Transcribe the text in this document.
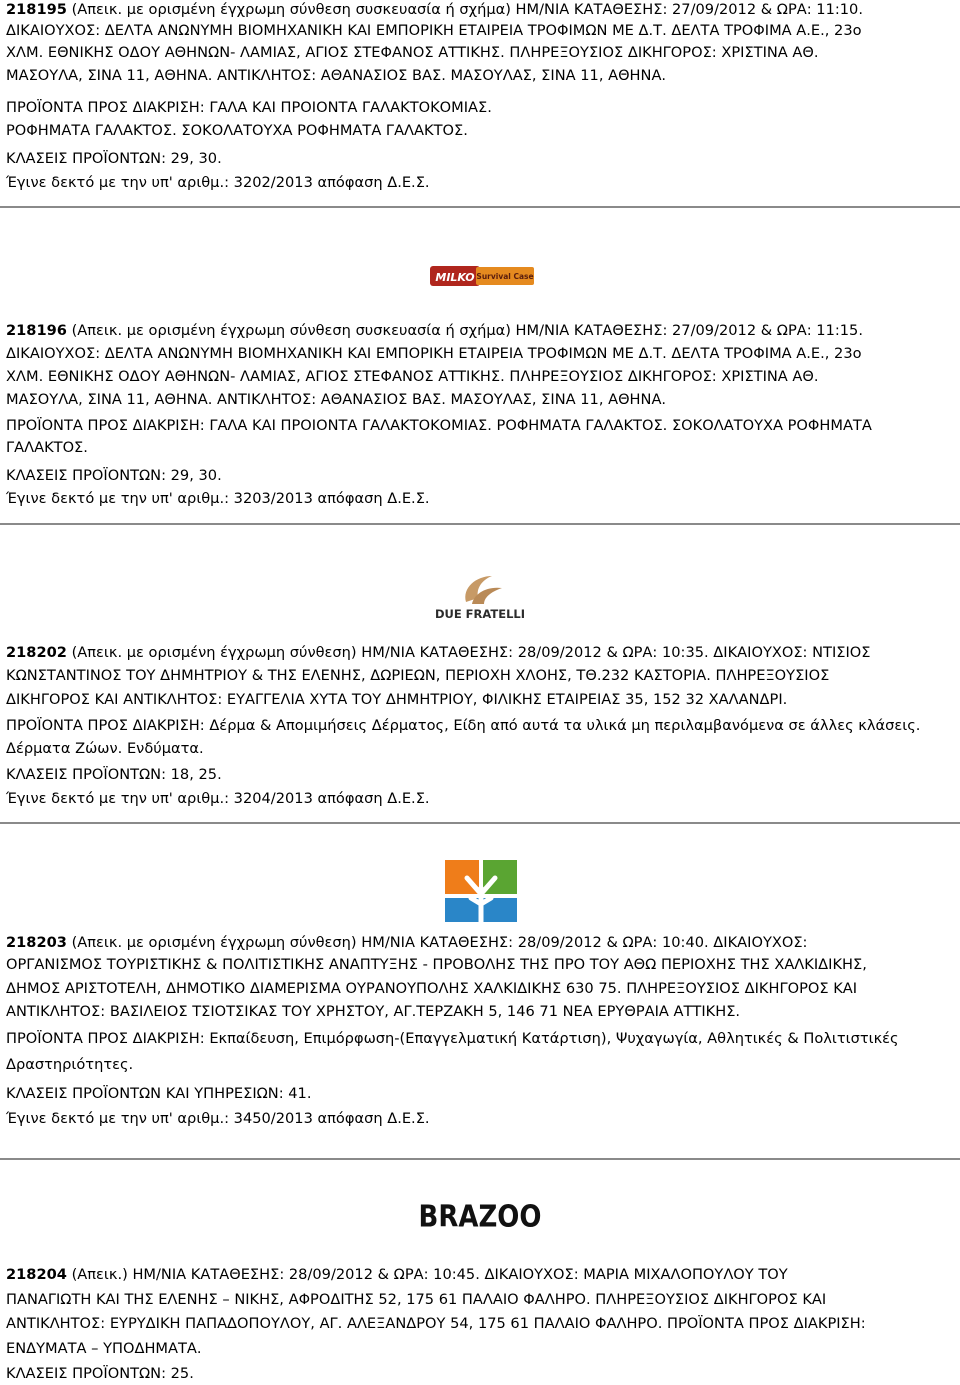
218195 (Απεικ. με ορισμένη έγχρωμη σύνθεση συσκευασία ή σχήμα) ΗΜ/ΝΙΑ ΚΑΤΑΘΕΣΗΣ: 27/09/2012 & ΩΡΑ: 11:10.
ΔΙΚΑΙΟΥΧΟΣ: ΔΕΛΤΑ ΑΝΩΝΥΜΗ ΒΙΟΜΗΧΑΝΙΚΗ ΚΑΙ ΕΜΠΟΡΙΚΗ ΕΤΑΙΡΕΙΑ ΤΡΟΦΙΜΩΝ ΜΕ Δ.Τ. ΔΕΛΤΑ ΤΡΟΦΙΜΑ Α.Ε., 23ο
ΧΛΜ. ΕΘΝΙΚΗΣ ΟΔΟΥ ΑΘΗΝΩΝ- ΛΑΜΙΑΣ, ΑΓΙΟΣ ΣΤΕΦΑΝΟΣ ΑΤΤΙΚΗΣ. ΠΛΗΡΕΞΟΥΣΙΟΣ ΔΙΚΗΓΟΡΟΣ: ΧΡΙΣΤΙΝΑ ΑΘ.
ΜΑΣΟΥΛΑ, ΣΙΝΑ 11, ΑΘΗΝΑ. ΑΝΤΙΚΛΗΤΟΣ: ΑΘΑΝΑΣΙΟΣ ΒΑΣ. ΜΑΣΟΥΛΑΣ, ΣΙΝΑ 11, ΑΘΗΝΑ.
ΠΡΟΪΟΝΤΑ ΠΡΟΣ ΔΙΑΚΡΙΣΗ: ΓΑΛΑ ΚΑΙ ΠΡΟΙΟΝΤΑ ΓΑΛΑΚΤΟΚΟΜΙΑΣ.
ΡΟΦΗΜΑΤΑ ΓΑΛΑΚΤΟΣ. ΣΟΚΟΛΑΤΟΥΧΑ ΡΟΦΗΜΑΤΑ ΓΑΛΑΚΤΟΣ.
ΚΛΑΣΕΙΣ ΠΡΟΪΟΝΤΩΝ: 29, 30.
Έγινε δεκτό με την υπ' αριθμ.: 3202/2013 απόφαση Δ.Ε.Σ.
MILKO Survival Case
218196 (Απεικ. με ορισμένη έγχρωμη σύνθεση συσκευασία ή σχήμα) ΗΜ/ΝΙΑ ΚΑΤΑΘΕΣΗΣ: 27/09/2012 & ΩΡΑ: 11:15.
ΔΙΚΑΙΟΥΧΟΣ: ΔΕΛΤΑ ΑΝΩΝΥΜΗ ΒΙΟΜΗΧΑΝΙΚΗ ΚΑΙ ΕΜΠΟΡΙΚΗ ΕΤΑΙΡΕΙΑ ΤΡΟΦΙΜΩΝ ΜΕ Δ.Τ. ΔΕΛΤΑ ΤΡΟΦΙΜΑ Α.Ε., 23ο
ΧΛΜ. ΕΘΝΙΚΗΣ ΟΔΟΥ ΑΘΗΝΩΝ- ΛΑΜΙΑΣ, ΑΓΙΟΣ ΣΤΕΦΑΝΟΣ ΑΤΤΙΚΗΣ. ΠΛΗΡΕΞΟΥΣΙΟΣ ΔΙΚΗΓΟΡΟΣ: ΧΡΙΣΤΙΝΑ ΑΘ.
ΜΑΣΟΥΛΑ, ΣΙΝΑ 11, ΑΘΗΝΑ. ΑΝΤΙΚΛΗΤΟΣ: ΑΘΑΝΑΣΙΟΣ ΒΑΣ. ΜΑΣΟΥΛΑΣ, ΣΙΝΑ 11, ΑΘΗΝΑ.
ΠΡΟΪΟΝΤΑ ΠΡΟΣ ΔΙΑΚΡΙΣΗ: ΓΑΛΑ ΚΑΙ ΠΡΟΙΟΝΤΑ ΓΑΛΑΚΤΟΚΟΜΙΑΣ. ΡΟΦΗΜΑΤΑ ΓΑΛΑΚΤΟΣ. ΣΟΚΟΛΑΤΟΥΧΑ ΡΟΦΗΜΑΤΑ
ΓΑΛΑΚΤΟΣ.
ΚΛΑΣΕΙΣ ΠΡΟΪΟΝΤΩΝ: 29, 30.
Έγινε δεκτό με την υπ' αριθμ.: 3203/2013 απόφαση Δ.Ε.Σ.
DUE FRATELLI
218202 (Απεικ. με ορισμένη έγχρωμη σύνθεση) ΗΜ/ΝΙΑ ΚΑΤΑΘΕΣΗΣ: 28/09/2012 & ΩΡΑ: 10:35. ΔΙΚΑΙΟΥΧΟΣ: ΝΤΙΣΙΟΣ
ΚΩΝΣΤΑΝΤΙΝΟΣ ΤΟΥ ΔΗΜΗΤΡΙΟΥ & ΤΗΣ ΕΛΕΝΗΣ, ΔΩΡΙΕΩΝ, ΠΕΡΙΟΧΗ ΧΛΟΗΣ, ΤΘ.232 ΚΑΣΤΟΡΙΑ. ΠΛΗΡΕΞΟΥΣΙΟΣ
ΔΙΚΗΓΟΡΟΣ ΚΑΙ ΑΝΤΙΚΛΗΤΟΣ: ΕΥΑΓΓΕΛΙΑ ΧΥΤΑ ΤΟΥ ΔΗΜΗΤΡΙΟΥ, ΦΙΛΙΚΗΣ ΕΤΑΙΡΕΙΑΣ 35, 152 32 ΧΑΛΑΝΔΡΙ.
ΠΡΟΪΟΝΤΑ ΠΡΟΣ ΔΙΑΚΡΙΣΗ: Δέρμα & Απομιμήσεις Δέρματος, Είδη από αυτά τα υλικά μη περιλαμβανόμενα σε άλλες κλάσεις.
Δέρματα Ζώων. Ενδύματα.
ΚΛΑΣΕΙΣ ΠΡΟΪΟΝΤΩΝ: 18, 25.
Έγινε δεκτό με την υπ' αριθμ.: 3204/2013 απόφαση Δ.Ε.Σ.
218203 (Απεικ. με ορισμένη έγχρωμη σύνθεση) ΗΜ/ΝΙΑ ΚΑΤΑΘΕΣΗΣ: 28/09/2012 & ΩΡΑ: 10:40. ΔΙΚΑΙΟΥΧΟΣ:
ΟΡΓΑΝΙΣΜΟΣ ΤΟΥΡΙΣΤΙΚΗΣ & ΠΟΛΙΤΙΣΤΙΚΗΣ ΑΝΑΠΤΥΞΗΣ - ΠΡΟΒΟΛΗΣ ΤΗΣ ΠΡΟ ΤΟΥ ΑΘΩ ΠΕΡΙΟΧΗΣ ΤΗΣ ΧΑΛΚΙΔΙΚΗΣ,
ΔΗΜΟΣ ΑΡΙΣΤΟΤΕΛΗ, ΔΗΜΟΤΙΚΟ ΔΙΑΜΕΡΙΣΜΑ ΟΥΡΑΝΟΥΠΟΛΗΣ ΧΑΛΚΙΔΙΚΗΣ 630 75. ΠΛΗΡΕΞΟΥΣΙΟΣ ΔΙΚΗΓΟΡΟΣ ΚΑΙ
ΑΝΤΙΚΛΗΤΟΣ: ΒΑΣΙΛΕΙΟΣ ΤΣΙΟΤΣΙΚΑΣ ΤΟΥ ΧΡΗΣΤΟΥ, ΑΓ.ΤΕΡΖΑΚΗ 5, 146 71 ΝΕΑ ΕΡΥΘΡΑΙΑ ΑΤΤΙΚΗΣ.
ΠΡΟΪΟΝΤΑ ΠΡΟΣ ΔΙΑΚΡΙΣΗ: Εκπαίδευση, Επιμόρφωση-(Επαγγελματική Κατάρτιση), Ψυχαγωγία, Αθλητικές & Πολιτιστικές
Δραστηριότητες.
ΚΛΑΣΕΙΣ ΠΡΟΪΟΝΤΩΝ ΚΑΙ ΥΠΗΡΕΣΙΩΝ: 41.
Έγινε δεκτό με την υπ' αριθμ.: 3450/2013 απόφαση Δ.Ε.Σ.
BRAZOO
218204 (Απεικ.) ΗΜ/ΝΙΑ ΚΑΤΑΘΕΣΗΣ: 28/09/2012 & ΩΡΑ: 10:45. ΔΙΚΑΙΟΥΧΟΣ: ΜΑΡΙΑ ΜΙΧΑΛΟΠΟΥΛΟΥ ΤΟΥ
ΠΑΝΑΓΙΩΤΗ ΚΑΙ ΤΗΣ ΕΛΕΝΗΣ – ΝΙΚΗΣ, ΑΦΡΟΔΙΤΗΣ 52, 175 61 ΠΑΛΑΙΟ ΦΑΛΗΡΟ. ΠΛΗΡΕΞΟΥΣΙΟΣ ΔΙΚΗΓΟΡΟΣ ΚΑΙ
ΑΝΤΙΚΛΗΤΟΣ: ΕΥΡΥΔΙΚΗ ΠΑΠΑΔΟΠΟΥΛΟΥ, ΑΓ. ΑΛΕΞΑΝΔΡΟΥ 54, 175 61 ΠΑΛΑΙΟ ΦΑΛΗΡΟ. ΠΡΟΪΟΝΤΑ ΠΡΟΣ ΔΙΑΚΡΙΣΗ:
ΕΝΔΥΜΑΤΑ – ΥΠΟΔΗΜΑΤΑ.
ΚΛΑΣΕΙΣ ΠΡΟΪΟΝΤΩΝ: 25.
